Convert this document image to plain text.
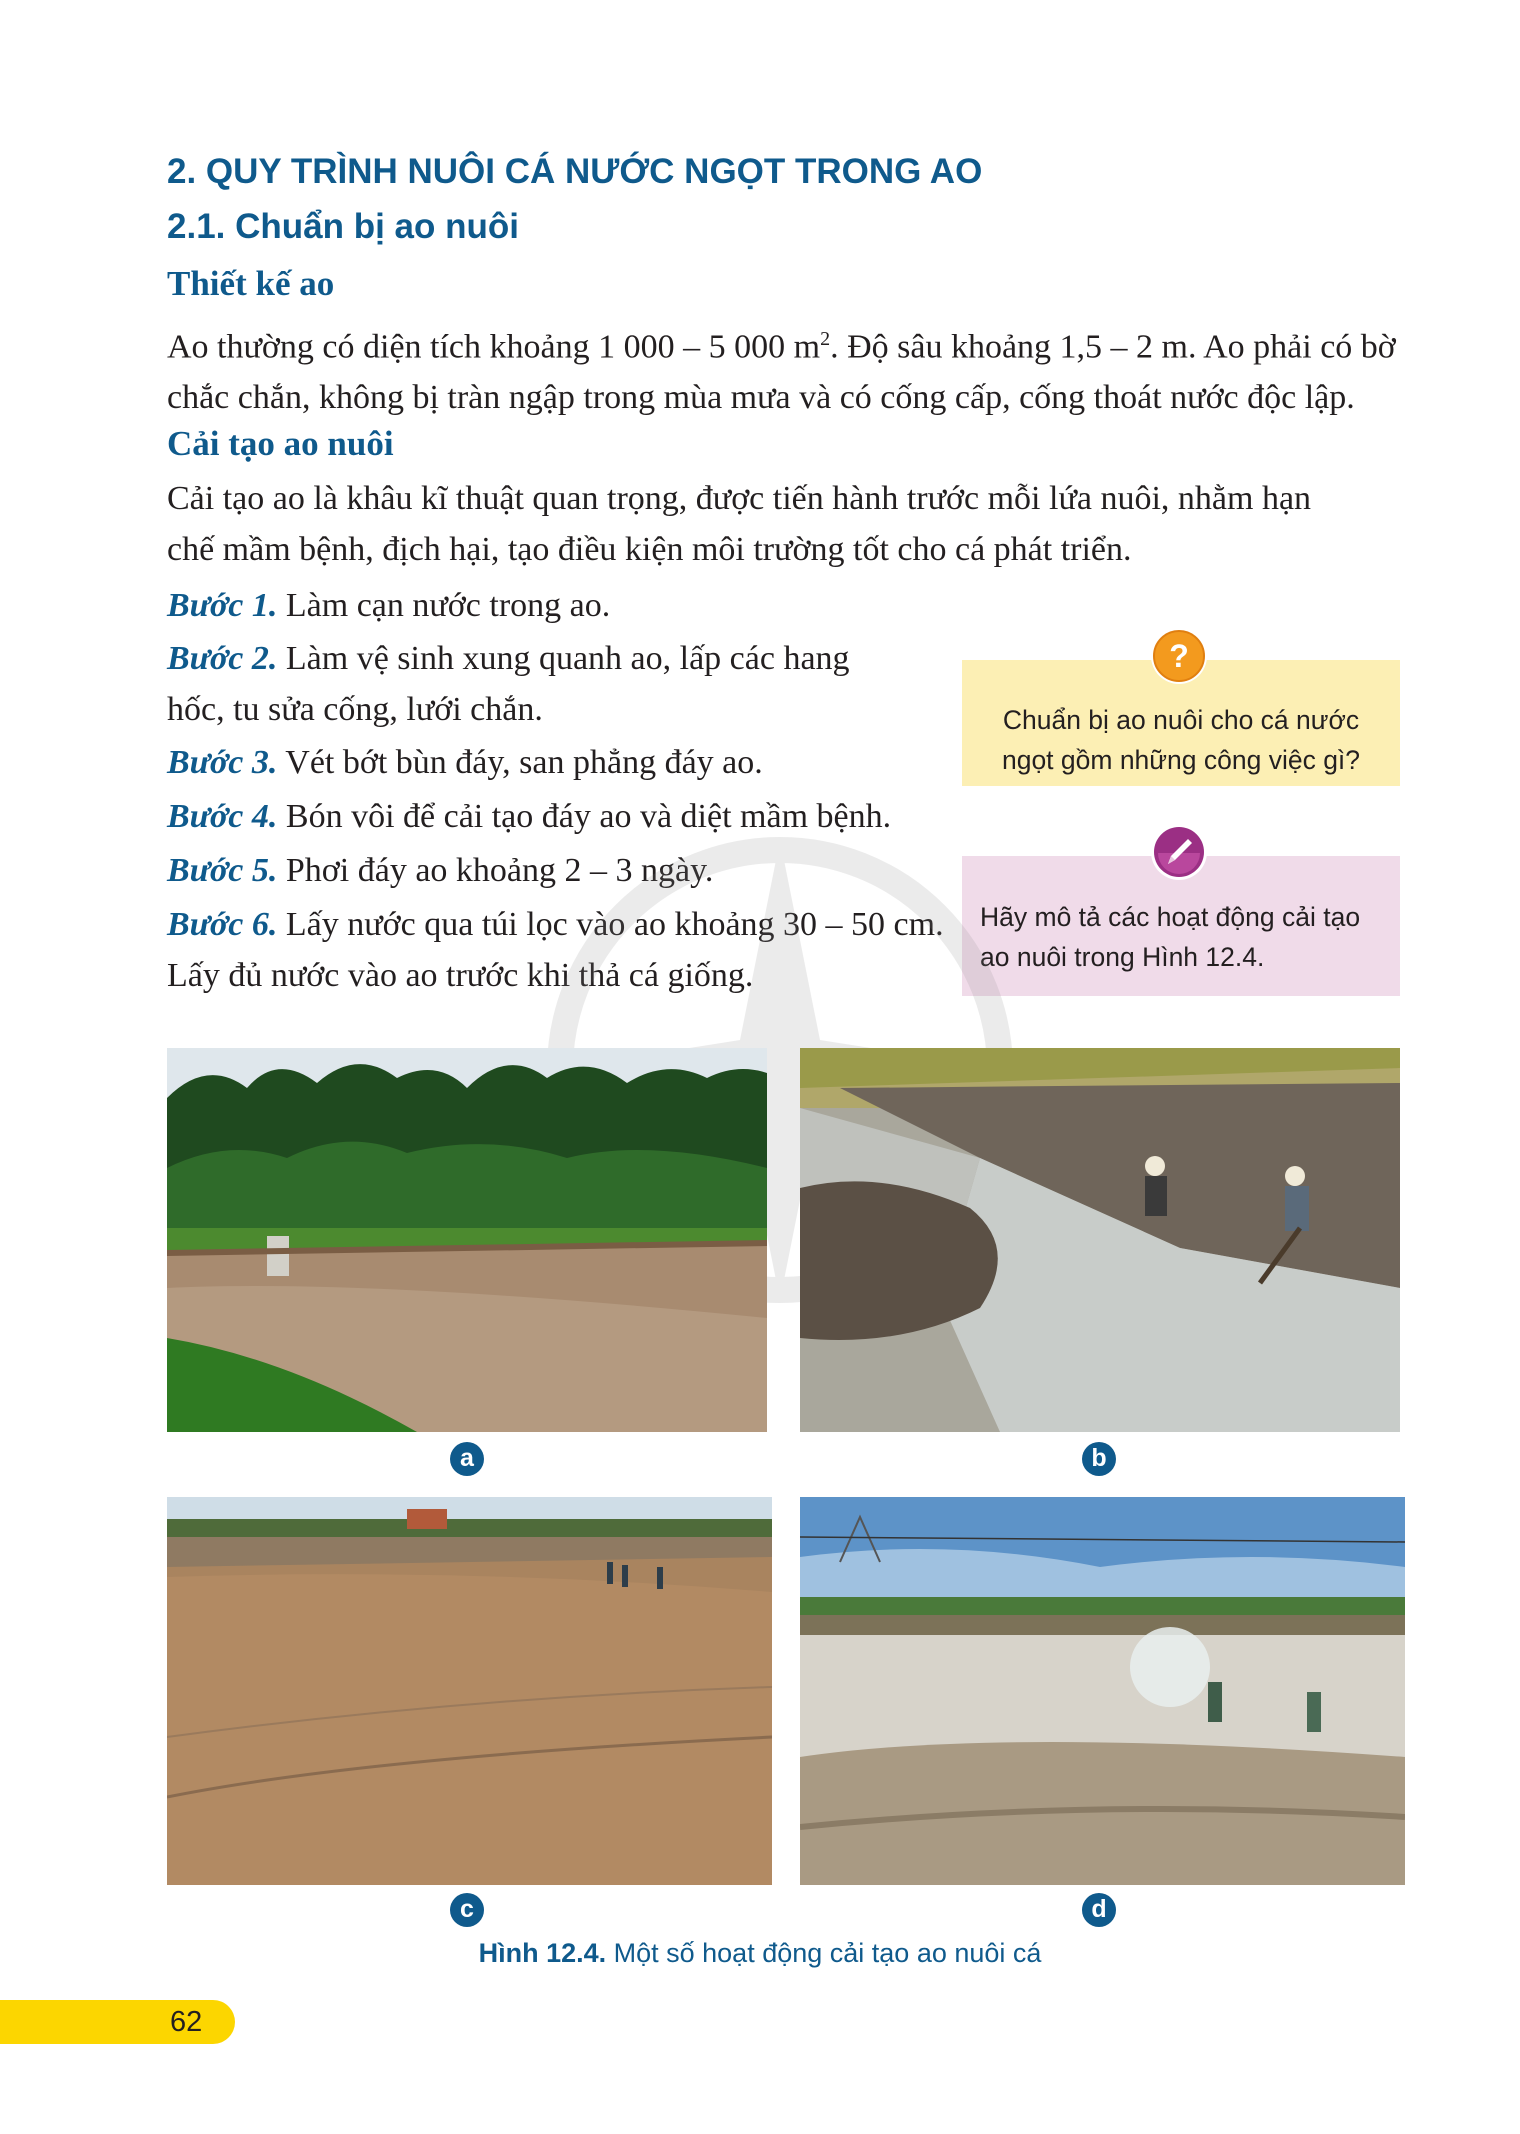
2. QUY TRÌNH NUÔI CÁ NƯỚC NGỌT TRONG AO
2.1. Chuẩn bị ao nuôi
Thiết kế ao
Ao thường có diện tích khoảng 1 000 – 5 000 $m^2$. Độ sâu khoảng 1,5 – 2 m. Ao phải có bờ
chắc chắn, không bị tràn ngập trong mùa mưa và có cống cấp, cống thoát nước độc lập.
Cải tạo ao nuôi
Cải tạo ao là khâu kĩ thuật quan trọng, được tiến hành trước mỗi lứa nuôi, nhằm hạn
chế mầm bệnh, địch hại, tạo điều kiện môi trường tốt cho cá phát triển.
Bước 1. Làm cạn nước trong ao.
Bước 2. Làm vệ sinh xung quanh ao, lấp các hang
hốc, tu sửa cống, lưới chắn.
Bước 3. Vét bớt bùn đáy, san phẳng đáy ao.
Bước 4. Bón vôi để cải tạo đáy ao và diệt mầm bệnh.
Bước 5. Phơi đáy ao khoảng 2 – 3 ngày.
Bước 6. Lấy nước qua túi lọc vào ao khoảng 30 – 50 cm.
Lấy đủ nước vào ao trước khi thả cá giống.
Chuẩn bị ao nuôi cho cá nước
ngọt gồm những công việc gì?
?
Hãy mô tả các hoạt động cải tạo
ao nuôi trong Hình 12.4.
a	b
c	d
Hình 12.4. Một số hoạt động cải tạo ao nuôi cá
62
